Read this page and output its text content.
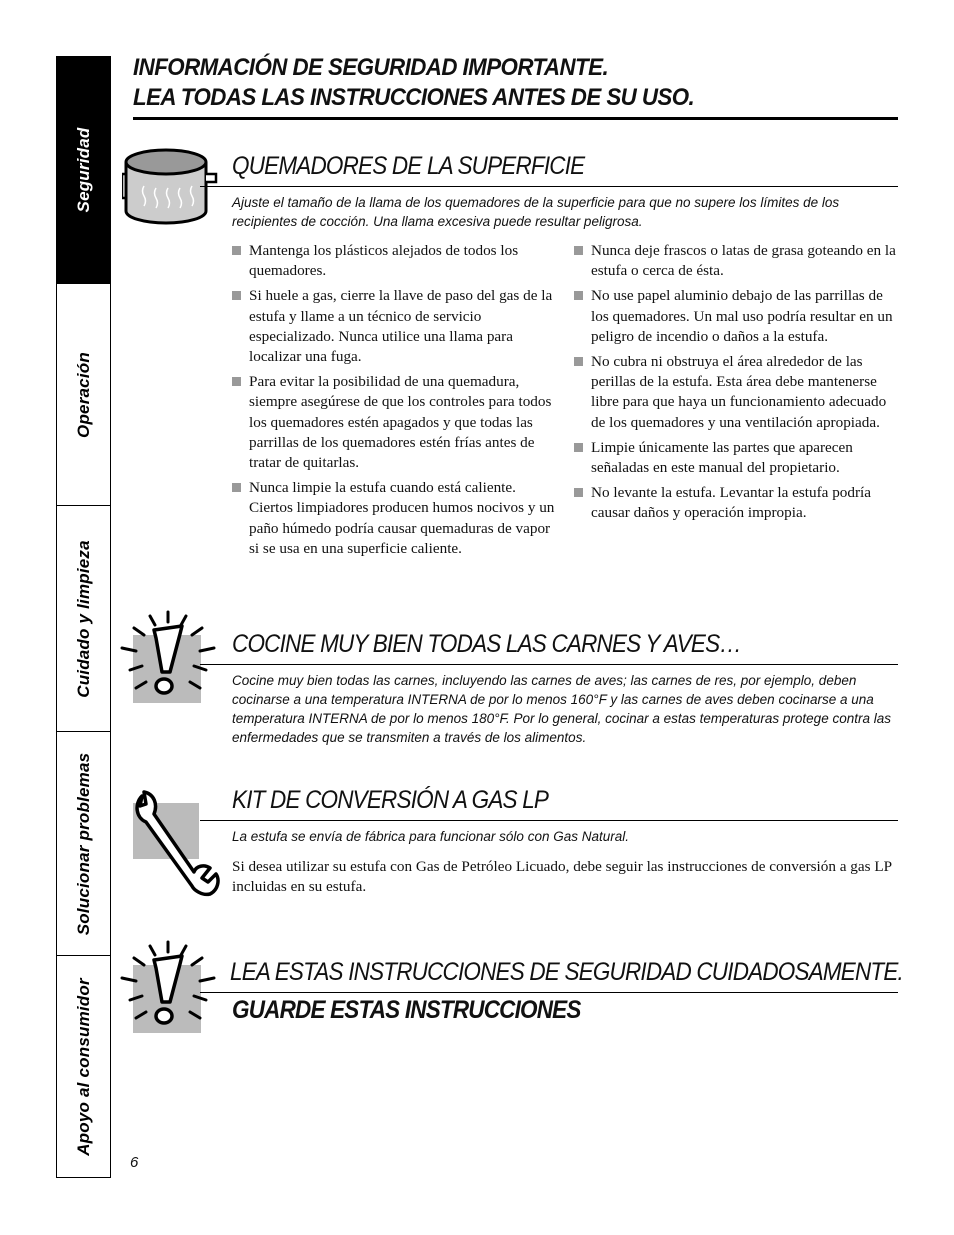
Seguridad
Operación
Cuidado y limpieza
Solucionar problemas
Apoyo al consumidor
INFORMACIÓN DE SEGURIDAD IMPORTANTE.
LEA TODAS LAS INSTRUCCIONES ANTES DE SU USO.
QUEMADORES DE LA SUPERFICIE
Ajuste el tamaño de la llama de los quemadores de la superficie para que no supere los límites de los recipientes de cocción. Una llama excesiva puede resultar peligrosa.
Mantenga los plásticos alejados de todos los quemadores.
Si huele a gas, cierre la llave de paso del gas de la estufa y llame a un técnico de servicio especializado. Nunca utilice una llama para localizar una fuga.
Para evitar la posibilidad de una quemadura, siempre asegúrese de que los controles para todos los quemadores estén apagados y que todas las parrillas de los quemadores estén frías antes de tratar de quitarlas.
Nunca limpie la estufa cuando está caliente. Ciertos limpiadores producen humos nocivos y un paño húmedo podría causar quemaduras de vapor si se usa en una superficie caliente.
Nunca deje frascos o latas de grasa goteando en la estufa o cerca de ésta.
No use papel aluminio debajo de las parrillas de los quemadores. Un mal uso podría resultar en un peligro de incendio o daños a la estufa.
No cubra ni obstruya el área alrededor de las perillas de la estufa. Esta área debe mantenerse libre para que haya un funcionamiento adecuado de los quemadores y una ventilación apropiada.
Limpie únicamente las partes que aparecen señaladas en este manual del propietario.
No levante la estufa. Levantar la estufa podría causar daños y operación impropia.
COCINE MUY BIEN TODAS LAS CARNES Y AVES…
Cocine muy bien todas las carnes, incluyendo las carnes de aves; las carnes de res, por ejemplo, deben cocinarse a una temperatura INTERNA de por lo menos 160°F y las carnes de aves deben cocinarse a una temperatura INTERNA de por lo menos 180°F. Por lo general, cocinar a estas temperaturas protege contra las enfermedades que se transmiten a través de los alimentos.
KIT DE CONVERSIÓN A GAS LP
La estufa se envía de fábrica para funcionar sólo con Gas Natural.
Si desea utilizar su estufa con Gas de Petróleo Licuado, debe seguir las instrucciones de conversión a gas LP incluidas en su estufa.
LEA ESTAS INSTRUCCIONES DE SEGURIDAD CUIDADOSAMENTE.
GUARDE ESTAS INSTRUCCIONES
6
